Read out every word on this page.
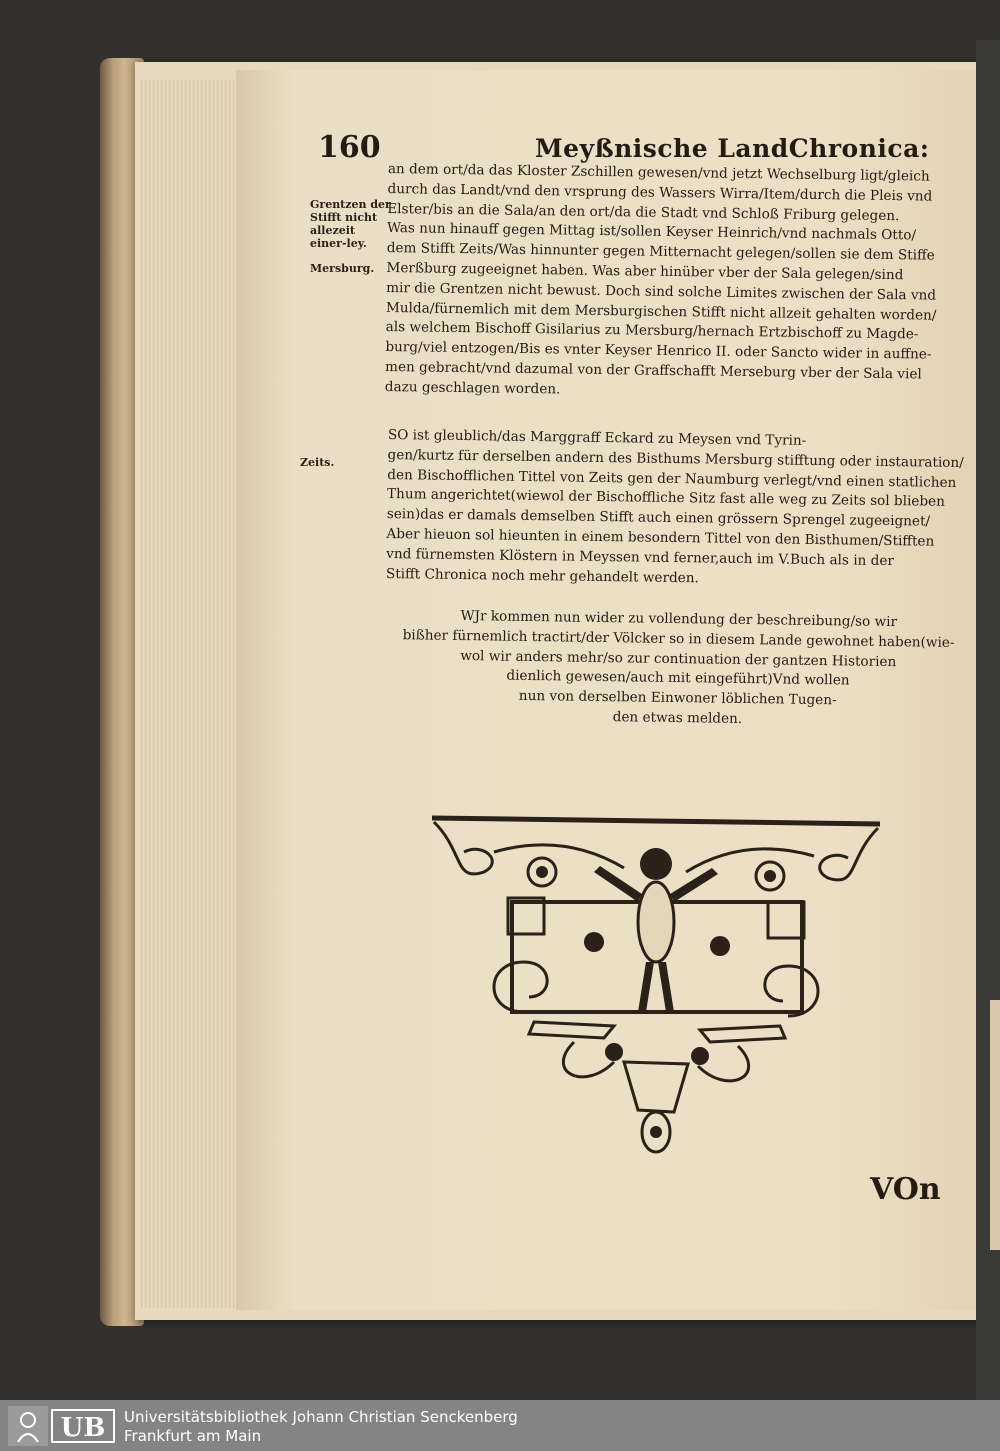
160	Meyßnische LandChronica:
Grentzen der Stifft nicht allezeit einer-ley.
Mersburg.
Zeits.
an dem ort/da das Kloster Zschillen gewesen/vnd jetzt Wechselburg ligt/gleich
durch das Landt/vnd den vrsprung des Wassers Wirra/Item/durch die Pleis vnd
Elster/bis an die Sala/an den ort/da die Stadt vnd Schloß Friburg gelegen.
Was nun hinauff gegen Mittag ist/sollen Keyser Heinrich/vnd nachmals Otto/
dem Stifft Zeits/Was hinnunter gegen Mitternacht gelegen/sollen sie dem Stiffe
Merßburg zugeeignet haben. Was aber hinüber vber der Sala gelegen/sind
mir die Grentzen nicht bewust. Doch sind solche Limites zwischen der Sala vnd
Mulda/fürnemlich mit dem Mersburgischen Stifft nicht allzeit gehalten worden/
als welchem Bischoff Gisilarius zu Mersburg/hernach Ertzbischoff zu Magde-
burg/viel entzogen/Bis es vnter Keyser Henrico II. oder Sancto wider in auffne-
men gebracht/vnd dazumal von der Graffschafft Merseburg vber der Sala viel
dazu geschlagen worden.
SO ist gleublich/das Marggraff Eckard zu Meysen vnd Tyrin-
gen/kurtz für derselben andern des Bisthums Mersburg stifftung oder instauration/
den Bischofflichen Tittel von Zeits gen der Naumburg verlegt/vnd einen statlichen
Thum angerichtet(wiewol der Bischoffliche Sitz fast alle weg zu Zeits sol blieben
sein)das er damals demselben Stifft auch einen grössern Sprengel zugeeignet/
Aber hieuon sol hieunten in einem besondern Tittel von den Bisthumen/Stifften
vnd fürnemsten Klöstern in Meyssen vnd ferner,auch im V.Buch als in der
Stifft Chronica noch mehr gehandelt werden.
WJr kommen nun wider zu vollendung der beschreibung/so wir
bißher fürnemlich tractirt/der Völcker so in diesem Lande gewohnet haben(wie-
wol wir anders mehr/so zur continuation der gantzen Historien
dienlich gewesen/auch mit eingeführt)Vnd wollen
nun von derselben Einwoner löblichen Tugen-
den etwas melden.
VOn
UB Universitätsbibliothek Johann Christian Senckenberg
Frankfurt am Main
